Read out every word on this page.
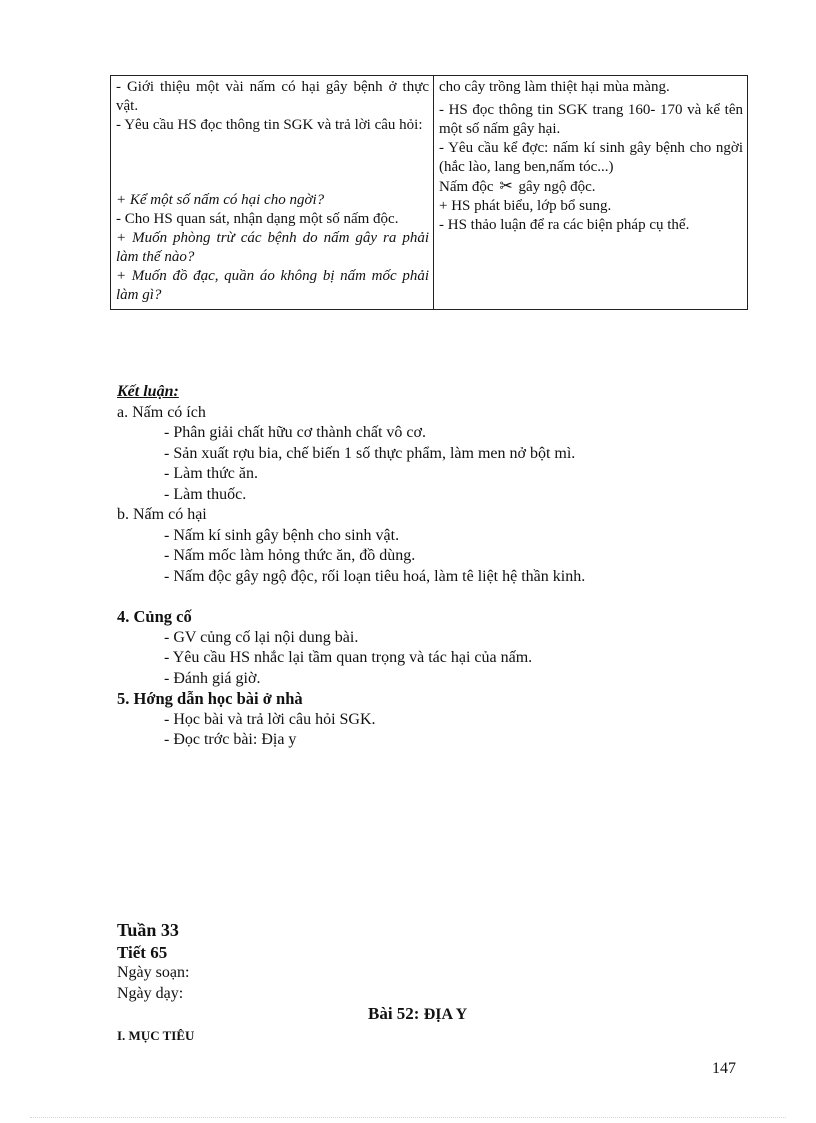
- Giới thiệu một vài nấm có hại gây bệnh ở thực vật.
- Yêu cầu HS đọc thông tin SGK và trả lời câu hỏi:
+ Kể một số nấm có hại cho ngời?
- Cho HS quan sát, nhận dạng một số nấm độc.
+ Muốn phòng trừ các bệnh do nấm gây ra phải làm thế nào?
+ Muốn đồ đạc, quần áo không bị nấm mốc phải làm gì?

cho cây trồng làm thiệt hại mùa màng.
- HS đọc thông tin SGK trang 160- 170 và kể tên một số nấm gây hại.
- Yêu cầu kể đợc: nấm kí sinh gây bệnh cho ngời (hắc lào, lang ben,nấm tóc...)
Nấm độc ✂ gây ngộ độc.
+ HS phát biểu, lớp bổ sung.
- HS thảo luận để ra các biện pháp cụ thể.
Kết luận:
a. Nấm có ích
- Phân giải chất hữu cơ thành chất vô cơ.
- Sản xuất rợu bia, chế biến 1 số thực phẩm, làm men nở bột mì.
- Làm thức ăn.
- Làm thuốc.
b. Nấm có hại
- Nấm kí sinh gây bệnh cho sinh vật.
- Nấm mốc làm hỏng thức ăn, đồ dùng.
- Nấm độc gây ngộ độc, rối loạn tiêu hoá, làm tê liệt hệ thần kinh.
4. Củng cố
- GV củng cố lại nội dung bài.
- Yêu cầu HS nhắc lại tầm quan trọng và tác hại của nấm.
- Đánh giá giờ.
5. Hớng dẫn học bài ở nhà
- Học bài và trả lời câu hỏi SGK.
- Đọc trớc bài: Địa y
Tuần 33
Tiết 65
Ngày soạn:
Ngày dạy:
Bài 52: ĐỊA Y
I. MỤC TIÊU
147
